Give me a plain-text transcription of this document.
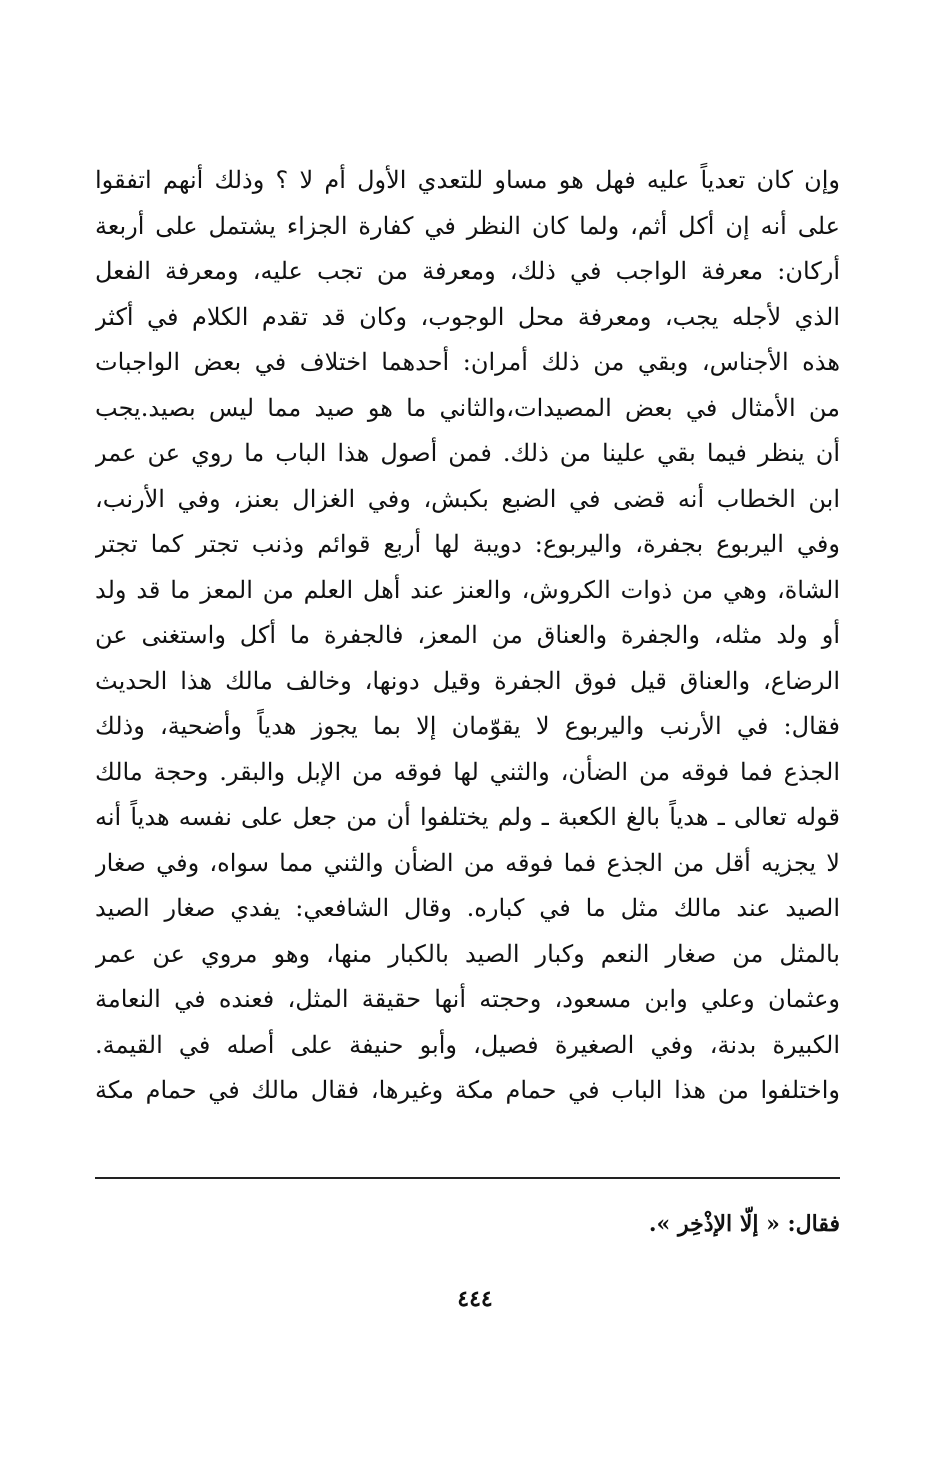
وإن كان تعدياً عليه فهل هو مساو للتعدي الأول أم لا ؟ وذلك أنهم اتفقوا
على أنه إن أكل أثم، ولما كان النظر في كفارة الجزاء يشتمل على أربعة
أركان: معرفة الواجب في ذلك، ومعرفة من تجب عليه، ومعرفة الفعل
الذي لأجله يجب، ومعرفة محل الوجوب، وكان قد تقدم الكلام في أكثر
هذه الأجناس، وبقي من ذلك أمران: أحدهما اختلاف في بعض الواجبات
من الأمثال في بعض المصيدات،والثاني ما هو صيد مما ليس بصيد.يجب
أن ينظر فيما بقي علينا من ذلك. فمن أصول هذا الباب ما روي عن عمر
ابن الخطاب أنه قضى في الضبع بكبش، وفي الغزال بعنز، وفي الأرنب،
وفي اليربوع بجفرة، واليربوع: دويبة لها أربع قوائم وذنب تجتر كما تجتر
الشاة، وهي من ذوات الكروش، والعنز عند أهل العلم من المعز ما قد ولد
أو ولد مثله، والجفرة والعناق من المعز، فالجفرة ما أكل واستغنى عن
الرضاع، والعناق قيل فوق الجفرة وقيل دونها، وخالف مالك هذا الحديث
فقال: في الأرنب واليربوع لا يقوّمان إلا بما يجوز هدياً وأضحية، وذلك
الجذع فما فوقه من الضأن، والثني لها فوقه من الإبل والبقر. وحجة مالك
قوله تعالى ـ هدياً بالغ الكعبة ـ ولم يختلفوا أن من جعل على نفسه هدياً أنه
لا يجزيه أقل من الجذع فما فوقه من الضأن والثني مما سواه، وفي صغار
الصيد عند مالك مثل ما في كباره. وقال الشافعي: يفدي صغار الصيد
بالمثل من صغار النعم وكبار الصيد بالكبار منها، وهو مروي عن عمر
وعثمان وعلي وابن مسعود، وحجته أنها حقيقة المثل، فعنده في النعامة
الكبيرة بدنة، وفي الصغيرة فصيل، وأبو حنيفة على أصله في القيمة.
واختلفوا من هذا الباب في حمام مكة وغيرها، فقال مالك في حمام مكة
فقال: « إلّا الإذْخِر ».
٤٤٤
